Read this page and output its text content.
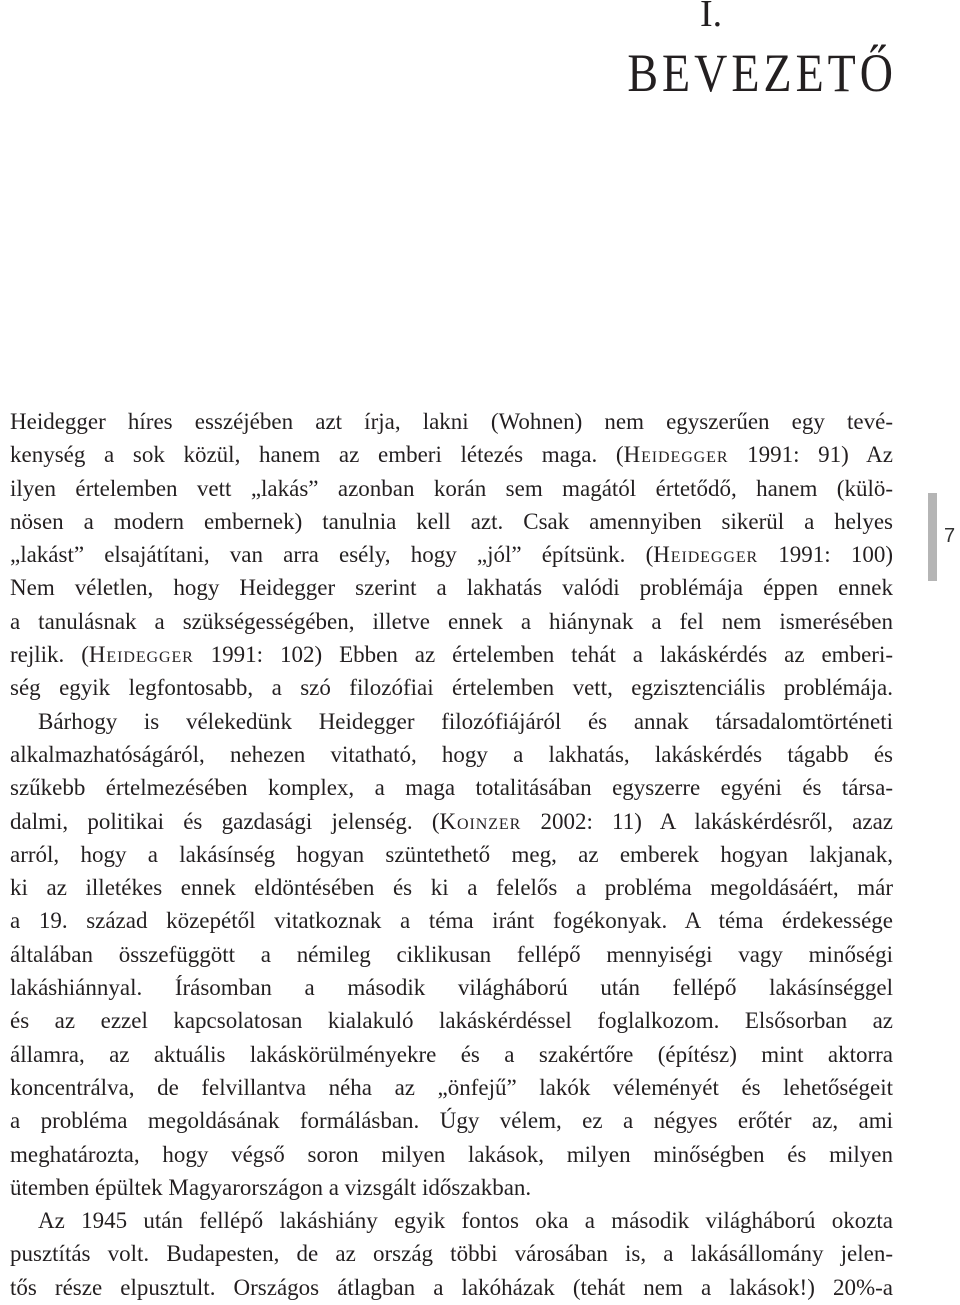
I.
BEVEZETŐ
7
Heidegger híres esszéjében azt írja, lakni (Wohnen) nem egyszerűen egy tevé-
kenység a sok közül, hanem az emberi létezés maga. (Heidegger 1991: 91) Az
ilyen értelemben vett „lakás” azonban korán sem magától értetődő, hanem (külö-
nösen a modern embernek) tanulnia kell azt. Csak amennyiben sikerül a helyes
„lakást” elsajátítani, van arra esély, hogy „jól” építsünk. (Heidegger 1991: 100)
Nem véletlen, hogy Heidegger szerint a lakhatás valódi problémája éppen ennek
a tanulásnak a szükségességében, illetve ennek a hiánynak a fel nem ismerésében
rejlik. (Heidegger 1991: 102) Ebben az értelemben tehát a lakáskérdés az emberi-
ség egyik legfontosabb, a szó filozófiai értelemben vett, egzisztenciális problémája.
Bárhogy is vélekedünk Heidegger filozófiájáról és annak társadalomtörténeti
alkalmazhatóságáról, nehezen vitatható, hogy a lakhatás, lakáskérdés tágabb és
szűkebb értelmezésében komplex, a maga totalitásában egyszerre egyéni és társa-
dalmi, politikai és gazdasági jelenség. (Koinzer 2002: 11) A lakáskérdésről, azaz
arról, hogy a lakásínség hogyan szüntethető meg, az emberek hogyan lakjanak,
ki az illetékes ennek eldöntésében és ki a felelős a probléma megoldásáért, már
a 19. század közepétől vitatkoznak a téma iránt fogékonyak. A téma érdekessége
általában összefüggött a némileg ciklikusan fellépő mennyiségi vagy minőségi
lakáshiánnyal. Írásomban a második világháború után fellépő lakásínséggel
és az ezzel kapcsolatosan kialakuló lakáskérdéssel foglalkozom. Elsősorban az
államra, az aktuális lakáskörülményekre és a szakértőre (építész) mint aktorra
koncentrálva, de felvillantva néha az „önfejű” lakók véleményét és lehetőségeit
a probléma megoldásának formálásban. Úgy vélem, ez a négyes erőtér az, ami
meghatározta, hogy végső soron milyen lakások, milyen minőségben és milyen
ütemben épültek Magyarországon a vizsgált időszakban.
Az 1945 után fellépő lakáshiány egyik fontos oka a második világháború okozta
pusztítás volt. Budapesten, de az ország többi városában is, a lakásállomány jelen-
tős része elpusztult. Országos átlagban a lakóházak (tehát nem a lakások!) 20%-a
